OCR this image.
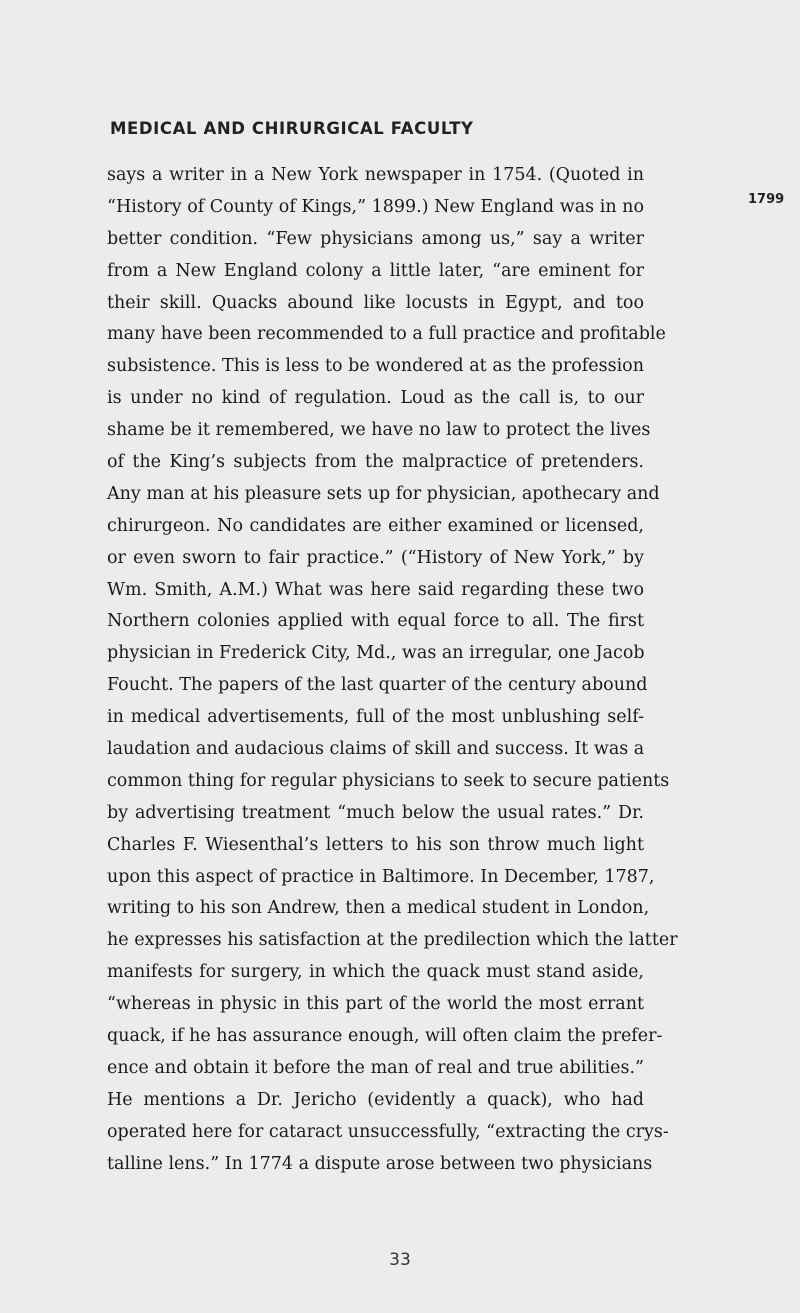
MEDICAL AND CHIRURGICAL FACULTY
1799
says a writer in a New York newspaper in 1754. (Quoted in
“History of County of Kings,” 1899.) New England was in no
better condition. “Few physicians among us,” say a writer
from a New England colony a little later, “are eminent for
their skill. Quacks abound like locusts in Egypt, and too
many have been recommended to a full practice and profitable
subsistence. This is less to be wondered at as the profession
is under no kind of regulation. Loud as the call is, to our
shame be it remembered, we have no law to protect the lives
of the King’s subjects from the malpractice of pretenders.
Any man at his pleasure sets up for physician, apothecary and
chirurgeon. No candidates are either examined or licensed,
or even sworn to fair practice.” (“History of New York,” by
Wm. Smith, A.M.) What was here said regarding these two
Northern colonies applied with equal force to all. The first
physician in Frederick City, Md., was an irregular, one Jacob
Foucht. The papers of the last quarter of the century abound
in medical advertisements, full of the most unblushing self-
laudation and audacious claims of skill and success. It was a
common thing for regular physicians to seek to secure patients
by advertising treatment “much below the usual rates.” Dr.
Charles F. Wiesenthal’s letters to his son throw much light
upon this aspect of practice in Baltimore. In December, 1787,
writing to his son Andrew, then a medical student in London,
he expresses his satisfaction at the predilection which the latter
manifests for surgery, in which the quack must stand aside,
“whereas in physic in this part of the world the most errant
quack, if he has assurance enough, will often claim the prefer-
ence and obtain it before the man of real and true abilities.”
He mentions a Dr. Jericho (evidently a quack), who had
operated here for cataract unsuccessfully, “extracting the crys-
talline lens.” In 1774 a dispute arose between two physicians
33
